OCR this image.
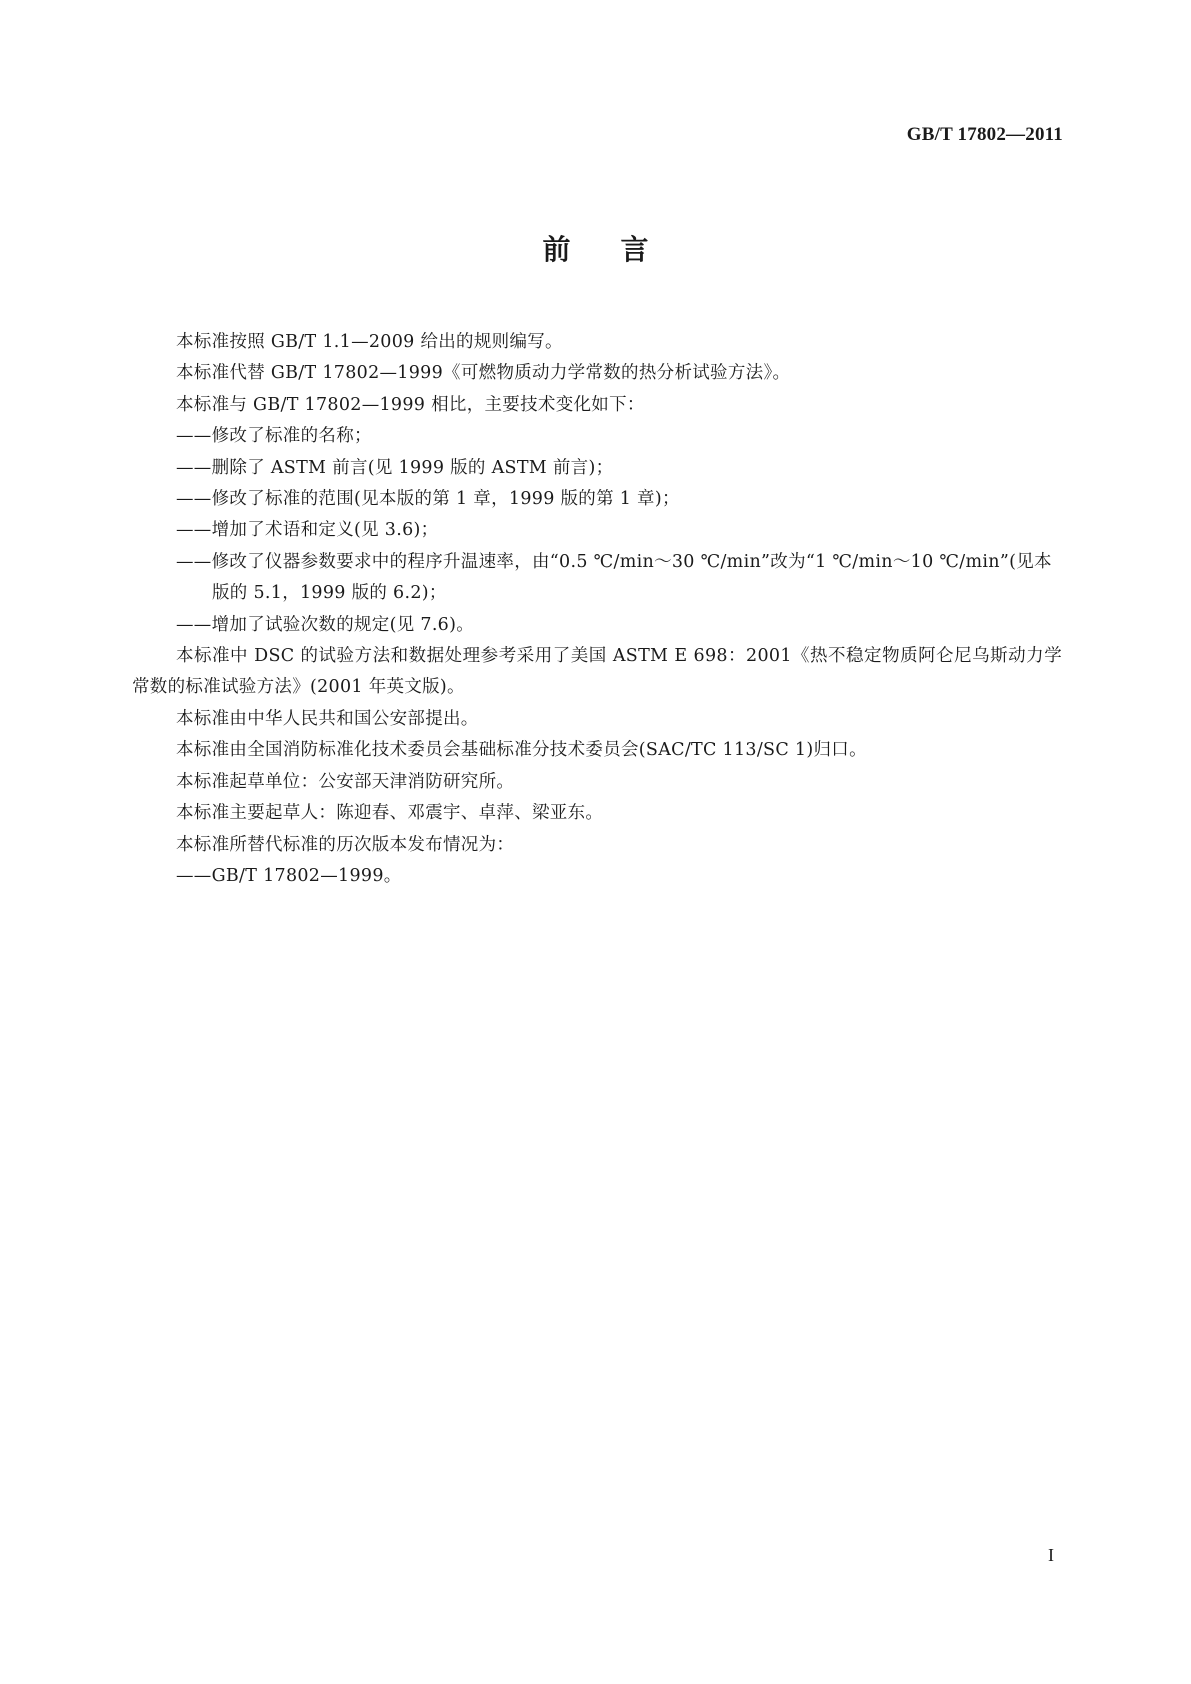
GB/T 17802—2011
前言

本标准按照 GB/T 1.1—2009 给出的规则编写。

本标准代替 GB/T 17802—1999《可燃物质动力学常数的热分析试验方法》。

本标准与 GB/T 17802—1999 相比，主要技术变化如下：

——修改了标准的名称；

——删除了 ASTM 前言(见 1999 版的 ASTM 前言)；

——修改了标准的范围(见本版的第 1 章，1999 版的第 1 章)；

——增加了术语和定义(见 3.6)；

——修改了仪器参数要求中的程序升温速率，由“0.5 ℃/min～30 ℃/min”改为“1 ℃/min～10 ℃/min”(见本版的 5.1，1999 版的 6.2)；

——增加了试验次数的规定(见 7.6)。

本标准中 DSC 的试验方法和数据处理参考采用了美国 ASTM E 698：2001《热不稳定物质阿仑尼乌斯动力学常数的标准试验方法》(2001 年英文版)。

本标准由中华人民共和国公安部提出。

本标准由全国消防标准化技术委员会基础标准分技术委员会(SAC/TC 113/SC 1)归口。

本标准起草单位：公安部天津消防研究所。

本标准主要起草人：陈迎春、邓震宇、卓萍、梁亚东。

本标准所替代标准的历次版本发布情况为：

——GB/T 17802—1999。

I
